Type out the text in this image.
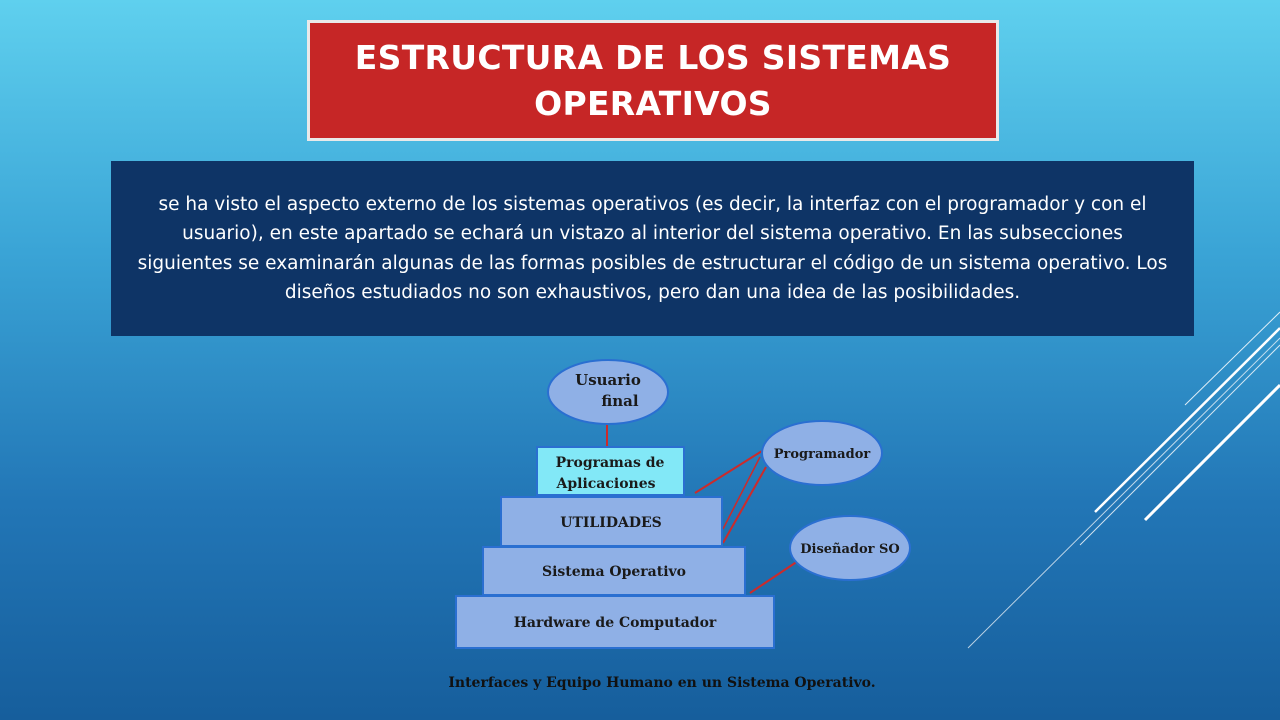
ESTRUCTURA DE LOS SISTEMAS OPERATIVOS

se ha visto el aspecto externo de los sistemas operativos (es decir, la interfaz con el programador y con el usuario), en este apartado se echará un vistazo al interior del sistema operativo. En las subsecciones siguientes se examinarán algunas de las formas posibles de estructurar el código de un sistema operativo. Los diseños estudiados no son exhaustivos, pero dan una idea de las posibilidades.

Usuario
final
Programador
Diseñador SO
Hardware de Computador
Sistema Operativo
UTILIDADES
Programas de
Aplicaciones
Interfaces y Equipo Humano en un Sistema Operativo.
